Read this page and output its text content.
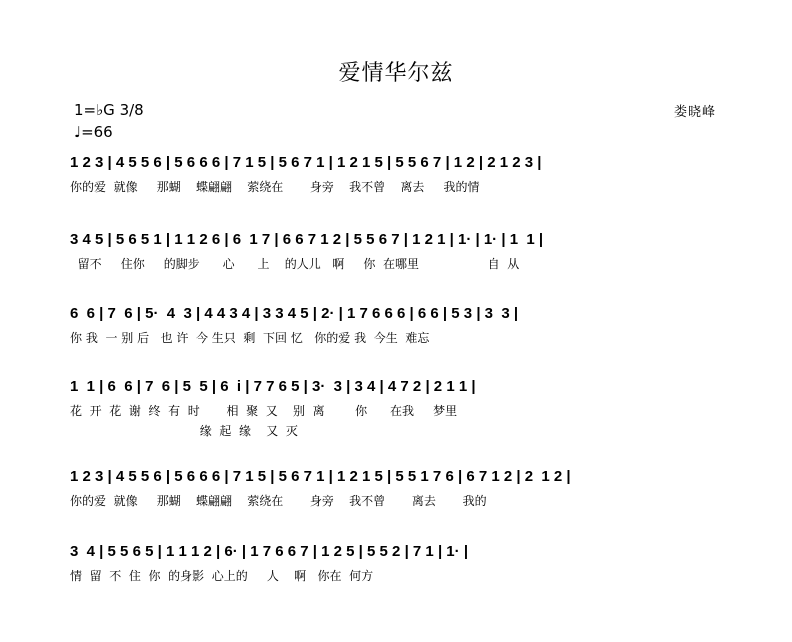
爱情华尔兹
1=♭G 3/8
♩=66
娄晓峰
1 2 3 | 4 5 5 6 | 5 6 6 6 | 7 1 5 | 5 6 7 1 | 1 2 1 5 | 5 5 6 7 | 1 2 | 2 1 2 3 |
你的爱  就像     那蝴    蝶翩翩    萦绕在       身旁    我不曾    离去     我的情
3 4 5 | 5 6 5 1 | 1 1 2 6 | 6  1 7 | 6 6 7 1 2 | 5 5 6 7 | 1 2 1 | 1· | 1· | 1  1 |
留不     住你     的脚步      心      上    的人儿   啊     你  在哪里                  自  从
6  6 | 7  6 | 5·  4  3 | 4 4 3 4 | 3 3 4 5 | 2· | 1 7 6 6 6 | 6 6 | 5 3 | 3  3 |
你 我  一 别 后   也 许  今 生只  剩  下回 忆   你的爱 我  今生  难忘
1  1 | 6  6 | 7  6 | 5  5 | 6  i | 7 7 6 5 | 3·  3 | 3 4 | 4 7 2 | 2 1 1 |
花  开  花  谢  终  有  时       相  聚  又    别  离        你      在我     梦里
缘  起  缘    又  灭
1 2 3 | 4 5 5 6 | 5 6 6 6 | 7 1 5 | 5 6 7 1 | 1 2 1 5 | 5 5 1 7 6 | 6 7 1 2 | 2  1 2 |
你的爱  就像     那蝴    蝶翩翩    萦绕在       身旁    我不曾       离去       我的
3  4 | 5 5 6 5 | 1 1 1 2 | 6· | 1 7 6 6 7 | 1 2 5 | 5 5 2 | 7 1 | 1· |
情  留  不  住  你  的身影  心上的     人    啊   你在  何方
